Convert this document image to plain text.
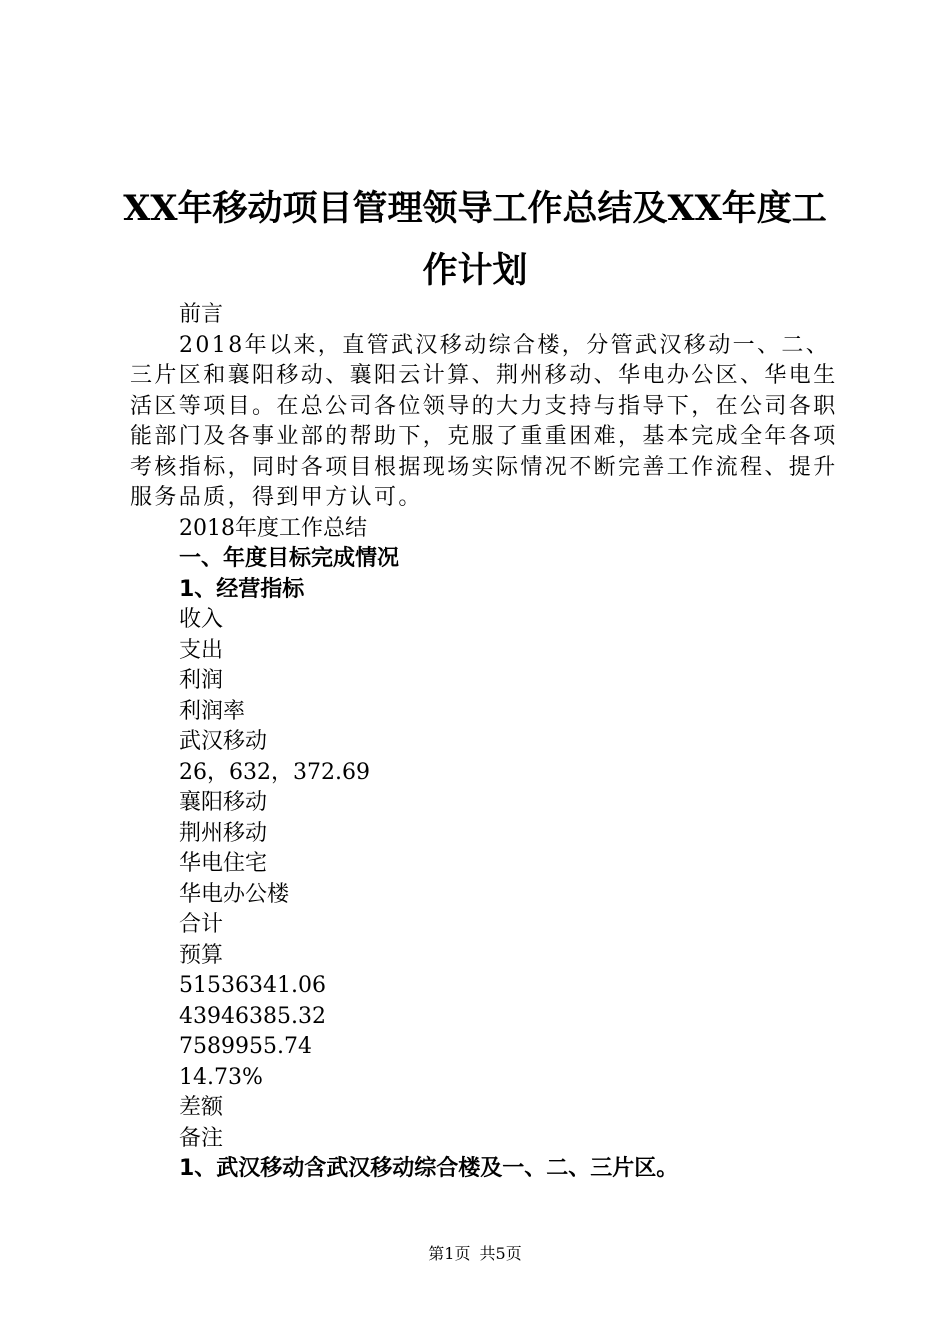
XX年移动项目管理领导工作总结及XX年度工
作计划

前言

2018年以来，直管武汉移动综合楼，分管武汉移动一、二、三片区和襄阳移动、襄阳云计算、荆州移动、华电办公区、华电生活区等项目。在总公司各位领导的大力支持与指导下，在公司各职能部门及各事业部的帮助下，克服了重重困难，基本完成全年各项考核指标，同时各项目根据现场实际情况不断完善工作流程、提升服务品质，得到甲方认可。

2018年度工作总结

一、年度目标完成情况

1、经营指标

收入

支出

利润

利润率

武汉移动

26，632，372.69

襄阳移动

荆州移动

华电住宅

华电办公楼

合计

预算

51536341.06

43946385.32

7589955.74

14.73%

差额

备注

1、武汉移动含武汉移动综合楼及一、二、三片区。

第1页 共5页
